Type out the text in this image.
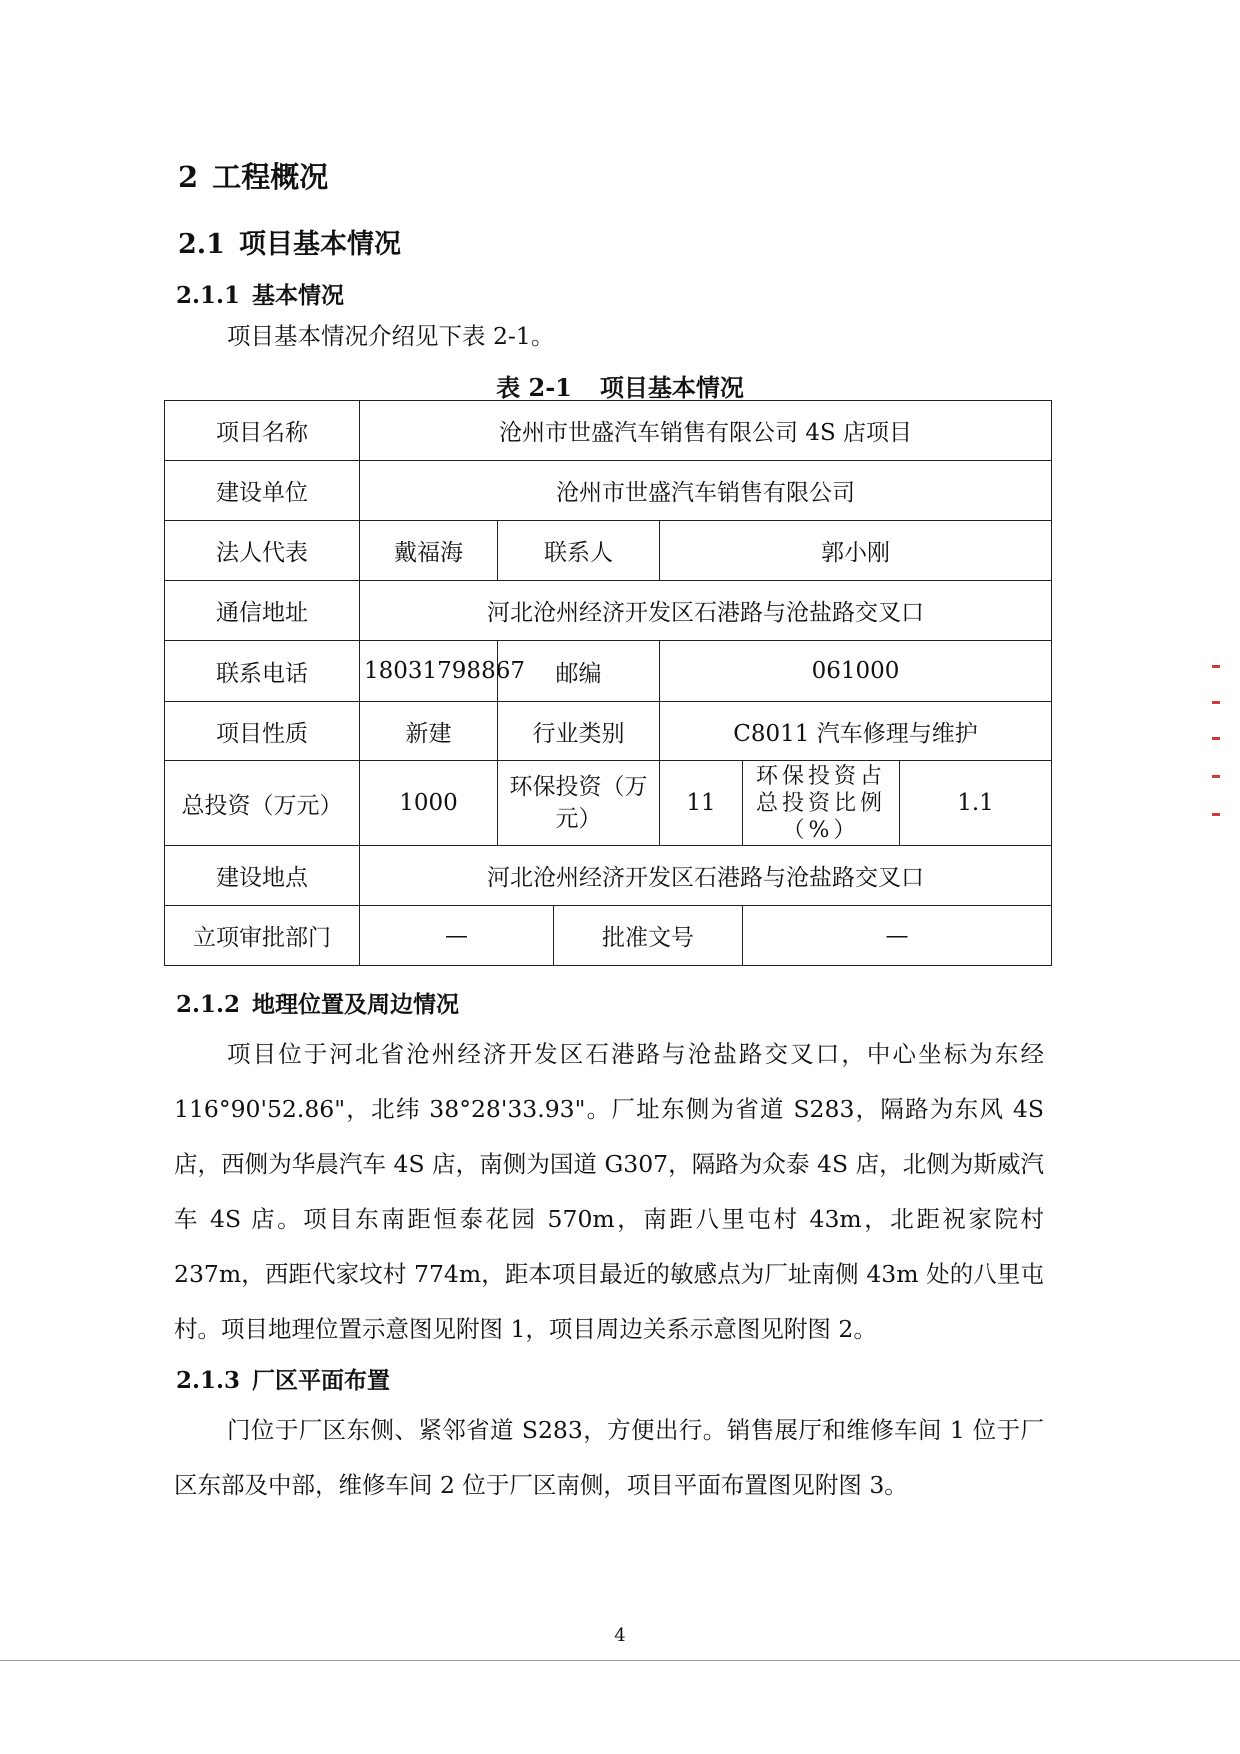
2 工程概况
2.1 项目基本情况
2.1.1 基本情况

项目基本情况介绍见下表 2-1。

表 2-1 项目基本情况

项目名称	沧州市世盛汽车销售有限公司 4S 店项目					
建设单位	沧州市世盛汽车销售有限公司					
法人代表	戴福海	联系人		郭小刚		
通信地址	河北沧州经济开发区石港路与沧盐路交叉口					
联系电话	18031798867	邮编		061000		
项目性质	新建	行业类别		C8011 汽车修理与维护		
总投资（万元）	1000	环保投资（万元）		11	环保投资占总投资比例（%）	1.1
建设地点	河北沧州经济开发区石港路与沧盐路交叉口					
立项审批部门	—		批准文号		—	
2.1.2 地理位置及周边情况

项目位于河北省沧州经济开发区石港路与沧盐路交叉口，中心坐标为东经 116°90'52.86"，北纬 38°28'33.93"。厂址东侧为省道 S283，隔路为东风 4S 店，西侧为华晨汽车 4S 店，南侧为国道 G307，隔路为众泰 4S 店，北侧为斯威汽车 4S 店。项目东南距恒泰花园 570m，南距八里屯村 43m，北距祝家院村 237m，西距代家坟村 774m，距本项目最近的敏感点为厂址南侧 43m 处的八里屯村。项目地理位置示意图见附图 1，项目周边关系示意图见附图 2。

2.1.3 厂区平面布置

门位于厂区东侧、紧邻省道 S283，方便出行。销售展厅和维修车间 1 位于厂区东部及中部，维修车间 2 位于厂区南侧，项目平面布置图见附图 3。

4
